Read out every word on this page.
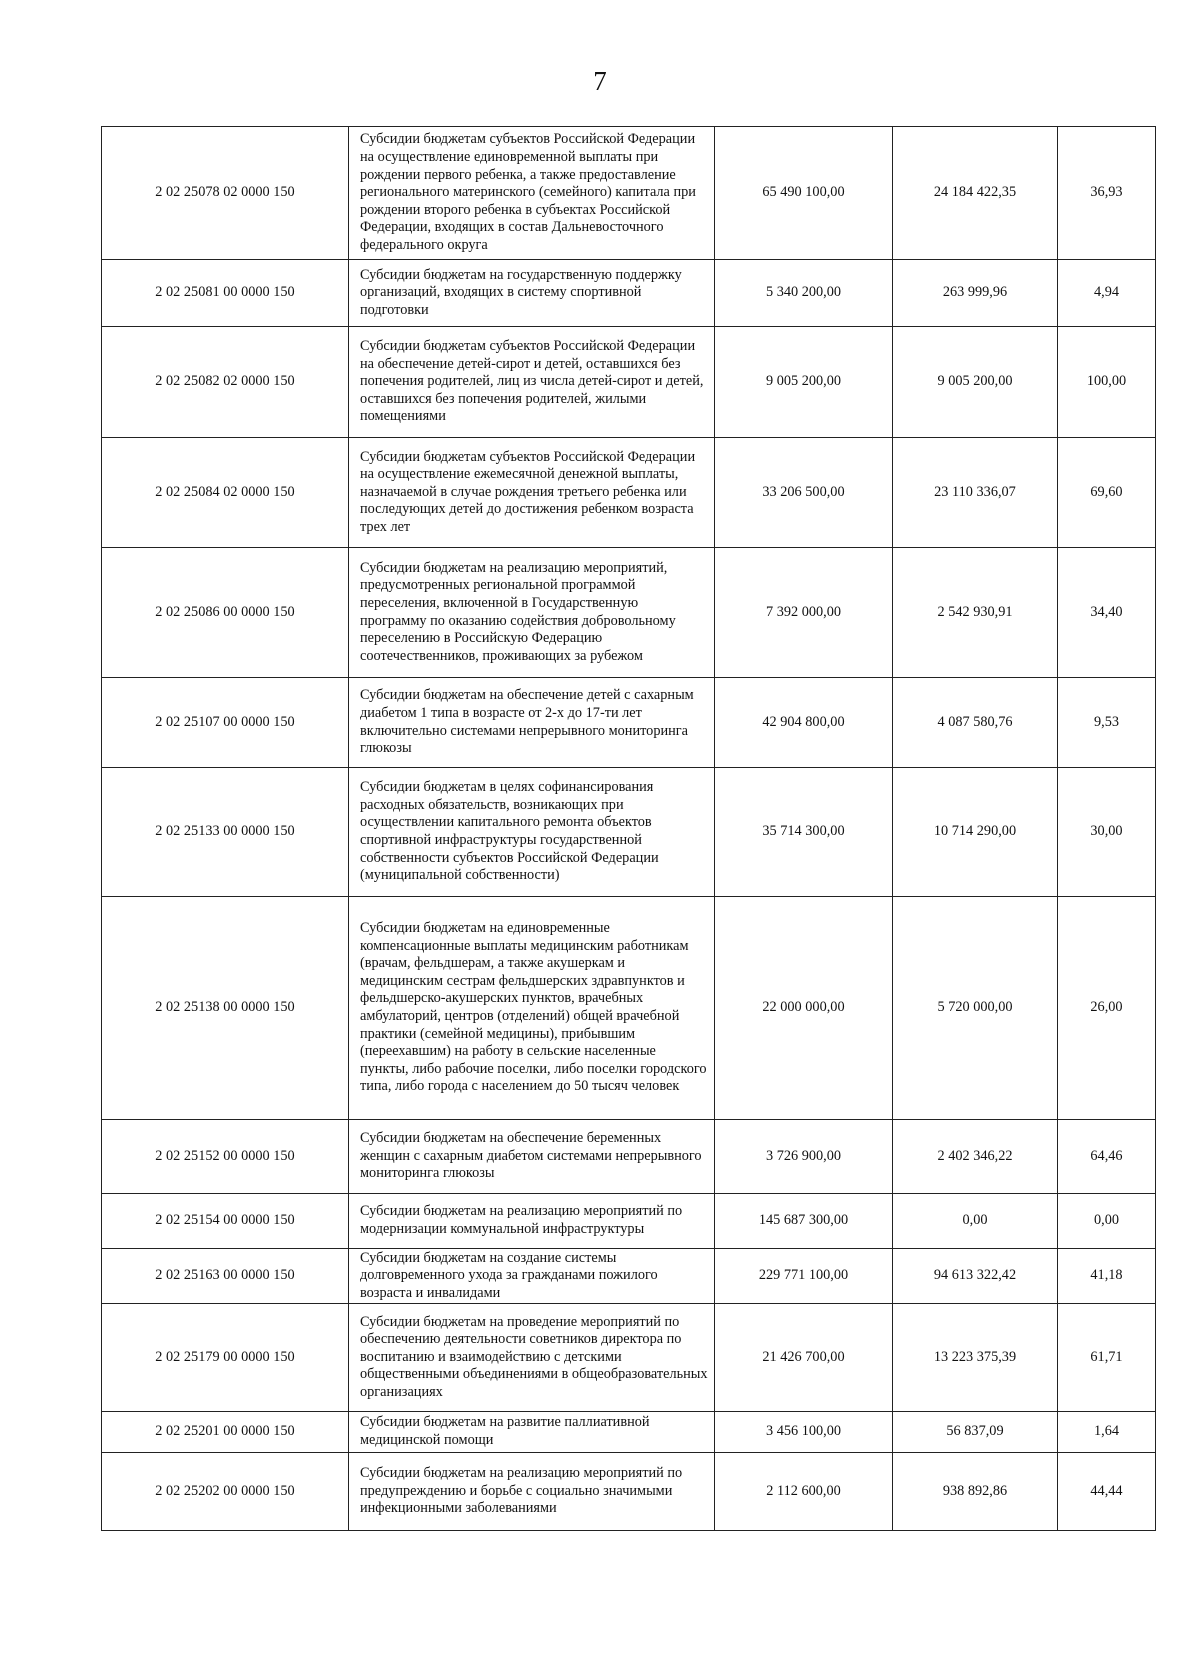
7
2 02 25078 02 0000 150	Субсидии бюджетам субъектов Российской Федерации на осуществление единовременной выплаты при рождении первого ребенка, а также предоставление регионального материнского (семейного) капитала при рождении второго ребенка в субъектах Российской Федерации, входящих в состав Дальневосточного федерального округа	65 490 100,00	24 184 422,35	36,93
2 02 25081 00 0000 150	Субсидии бюджетам на государственную поддержку организаций, входящих в систему спортивной подготовки	5 340 200,00	263 999,96	4,94
2 02 25082 02 0000 150	Субсидии бюджетам субъектов Российской Федерации на обеспечение детей-сирот и детей, оставшихся без попечения родителей, лиц из числа детей-сирот и детей, оставшихся без попечения родителей, жилыми помещениями	9 005 200,00	9 005 200,00	100,00
2 02 25084 02 0000 150	Субсидии бюджетам субъектов Российской Федерации на осуществление ежемесячной денежной выплаты, назначаемой в случае рождения третьего ребенка или последующих детей до достижения ребенком возраста трех лет	33 206 500,00	23 110 336,07	69,60
2 02 25086 00 0000 150	Субсидии бюджетам на реализацию мероприятий, предусмотренных региональной программой переселения, включенной в Государственную программу по оказанию содействия добровольному переселению в Российскую Федерацию соотечественников, проживающих за рубежом	7 392 000,00	2 542 930,91	34,40
2 02 25107 00 0000 150	Субсидии бюджетам на обеспечение детей с сахарным диабетом 1 типа в возрасте от 2-х до 17-ти лет включительно системами непрерывного мониторинга глюкозы	42 904 800,00	4 087 580,76	9,53
2 02 25133 00 0000 150	Субсидии бюджетам в целях софинансирования расходных обязательств, возникающих при осуществлении капитального ремонта объектов спортивной инфраструктуры государственной собственности субъектов Российской Федерации (муниципальной собственности)	35 714 300,00	10 714 290,00	30,00
2 02 25138 00 0000 150	Субсидии бюджетам на единовременные компенсационные выплаты медицинским работникам (врачам, фельдшерам, а также акушеркам и медицинским сестрам фельдшерских здравпунктов и фельдшерско-акушерских пунктов, врачебных амбулаторий, центров (отделений) общей врачебной практики (семейной медицины), прибывшим (переехавшим) на работу в сельские населенные пункты, либо рабочие поселки, либо поселки городского типа, либо города с населением до 50 тысяч человек	22 000 000,00	5 720 000,00	26,00
2 02 25152 00 0000 150	Субсидии бюджетам на обеспечение беременных женщин с сахарным диабетом системами непрерывного мониторинга глюкозы	3 726 900,00	2 402 346,22	64,46
2 02 25154 00 0000 150	Субсидии бюджетам на реализацию мероприятий по модернизации коммунальной инфраструктуры	145 687 300,00	0,00	0,00
2 02 25163 00 0000 150	Субсидии бюджетам на создание системы долговременного ухода за гражданами пожилого возраста и инвалидами	229 771 100,00	94 613 322,42	41,18
2 02 25179 00 0000 150	Субсидии бюджетам на проведение мероприятий по обеспечению деятельности советников директора по воспитанию и взаимодействию с детскими общественными объединениями в общеобразовательных организациях	21 426 700,00	13 223 375,39	61,71
2 02 25201 00 0000 150	Субсидии бюджетам на развитие паллиативной медицинской помощи	3 456 100,00	56 837,09	1,64
2 02 25202 00 0000 150	Субсидии бюджетам на реализацию мероприятий по предупреждению и борьбе с социально значимыми инфекционными заболеваниями	2 112 600,00	938 892,86	44,44
